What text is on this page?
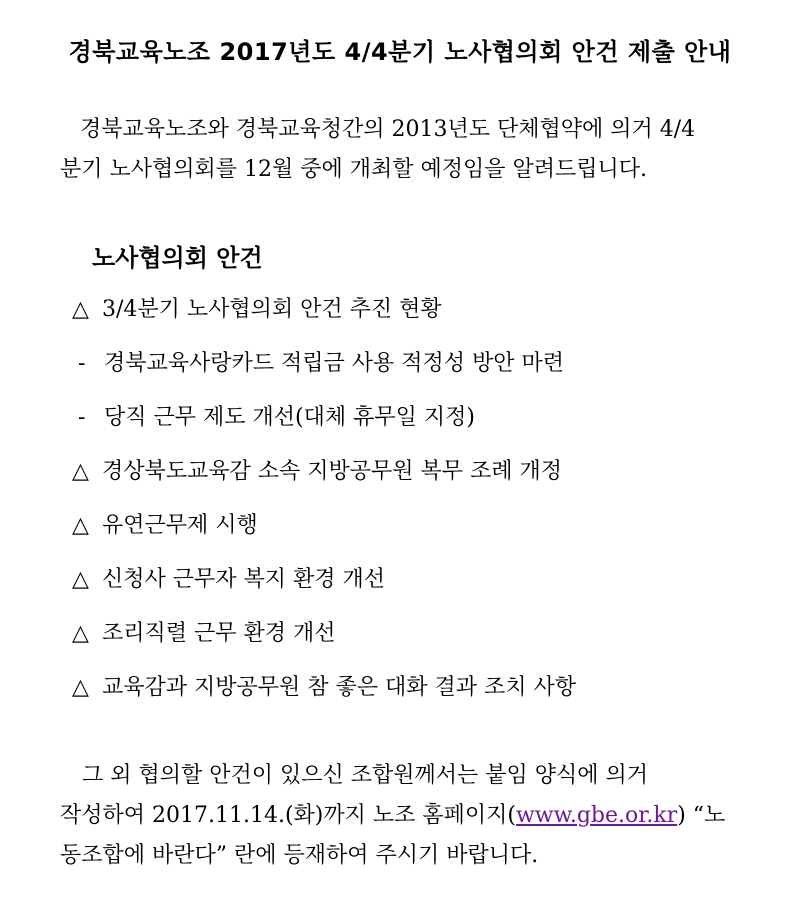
경북교육노조 2017년도 4/4분기 노사협의회 안건 제출 안내

경북교육노조와 경북교육청간의 2013년도 단체협약에 의거 4/4

분기 노사협의회를 12월 중에 개최할 예정임을 알려드립니다.

노사협의회 안건
△ 3/4분기 노사협의회 안건 추진 현황
- 경북교육사랑카드 적립금 사용 적정성 방안 마련
- 당직 근무 제도 개선(대체 휴무일 지정)
△ 경상북도교육감 소속 지방공무원 복무 조례 개정
△ 유연근무제 시행
△ 신청사 근무자 복지 환경 개선
△ 조리직렬 근무 환경 개선
△ 교육감과 지방공무원 참 좋은 대화 결과 조치 사항

그 외 협의할 안건이 있으신 조합원께서는 붙임 양식에 의거

작성하여 2017.11.14.(화)까지 노조 홈페이지(www.gbe.or.kr) “노

동조합에 바란다” 란에 등재하여 주시기 바랍니다.
